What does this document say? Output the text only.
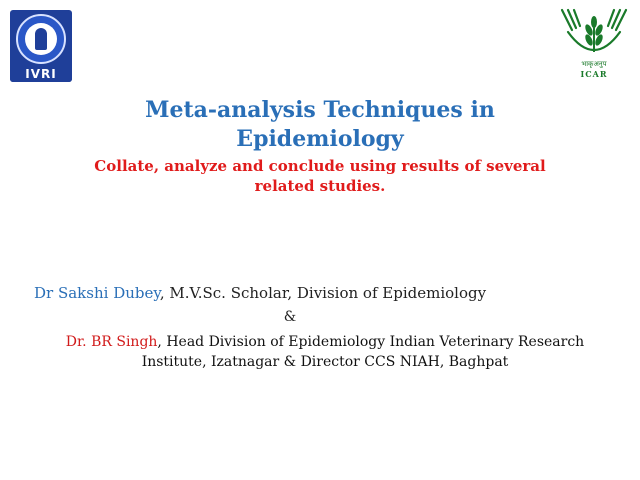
IVRI
भाकृअनुप
ICAR
Meta-analysis Techniques in
Epidemiology
Collate, analyze and conclude using results of several
related studies.
Dr Sakshi Dubey, M.V.Sc. Scholar, Division of Epidemiology
&
Dr. BR Singh, Head Division of Epidemiology Indian Veterinary Research
Institute, Izatnagar & Director CCS NIAH, Baghpat
